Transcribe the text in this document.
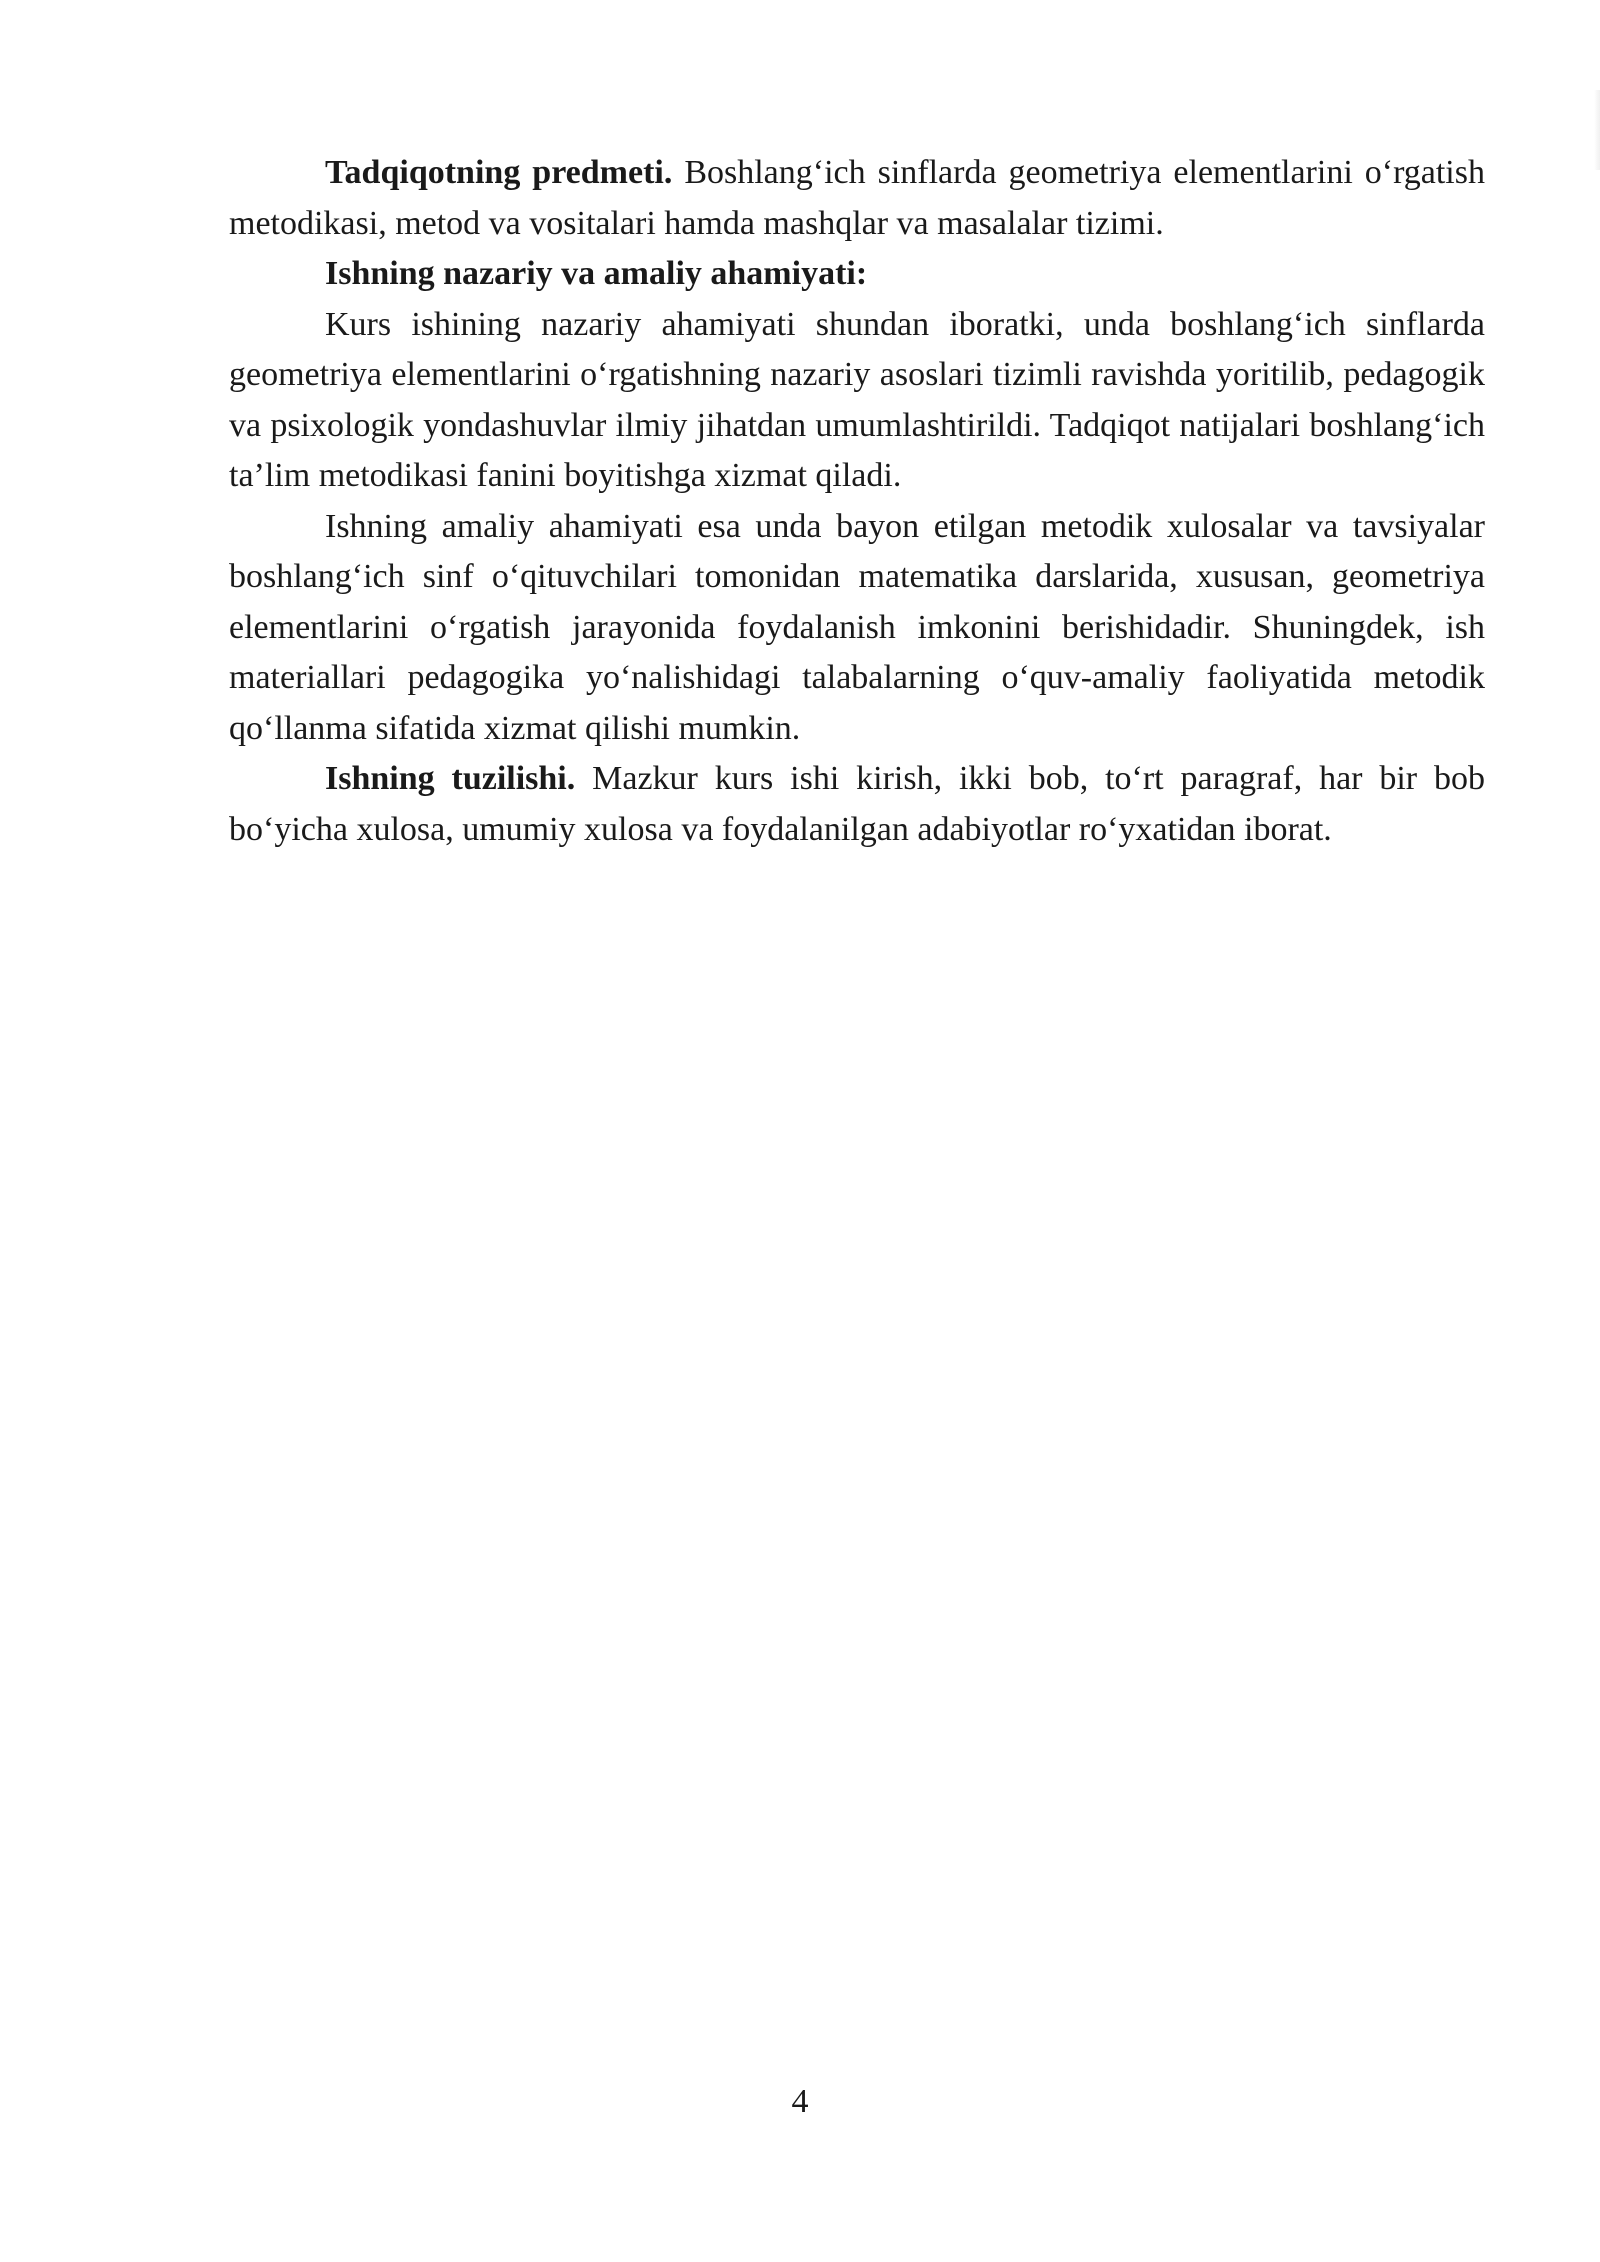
Tadqiqotning predmeti. Boshlang‘ich sinflarda geometriya elementlarini o‘rgatish metodikasi, metod va vositalari hamda mashqlar va masalalar tizimi.

Ishning nazariy va amaliy ahamiyati:

Kurs ishining nazariy ahamiyati shundan iboratki, unda boshlang‘ich sinflarda geometriya elementlarini o‘rgatishning nazariy asoslari tizimli ravishda yoritilib, pedagogik va psixologik yondashuvlar ilmiy jihatdan umumlashtirildi. Tadqiqot natijalari boshlang‘ich ta’lim metodikasi fanini boyitishga xizmat qiladi.

Ishning amaliy ahamiyati esa unda bayon etilgan metodik xulosalar va tavsiyalar boshlang‘ich sinf o‘qituvchilari tomonidan matematika darslarida, xususan, geometriya elementlarini o‘rgatish jarayonida foydalanish imkonini berishidadir. Shuningdek, ish materiallari pedagogika yo‘nalishidagi talabalarning o‘quv-amaliy faoliyatida metodik qo‘llanma sifatida xizmat qilishi mumkin.

Ishning tuzilishi. Mazkur kurs ishi kirish, ikki bob, to‘rt paragraf, har bir bob bo‘yicha xulosa, umumiy xulosa va foydalanilgan adabiyotlar ro‘yxatidan iborat.

4
